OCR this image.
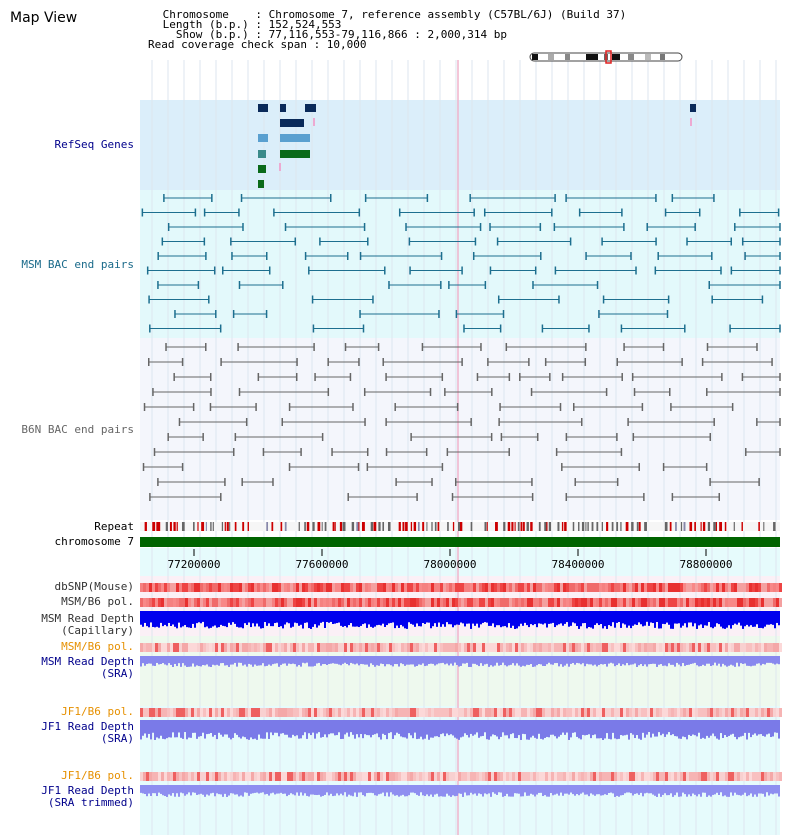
77200000	77600000	78000000	78400000	78800000
Map View	Chromosome    : Chromosome 7, reference assembly (C57BL/6J) (Build 37)
Length (b.p.) : 152,524,553
Show (b.p.) : 77,116,553-79,116,866 : 2,000,314 bp
Read coverage check span : 10,000
RefSeq Genes
MSM BAC end pairs
B6N BAC end pairs
Repeat
chromosome 7
dbSNP(Mouse)
MSM/B6 pol.
MSM Read Depth
(Capillary)
MSM/B6 pol.
MSM Read Depth
(SRA)
JF1/B6 pol.
JF1 Read Depth
(SRA)
JF1/B6 pol.
JF1 Read Depth
(SRA trimmed)
